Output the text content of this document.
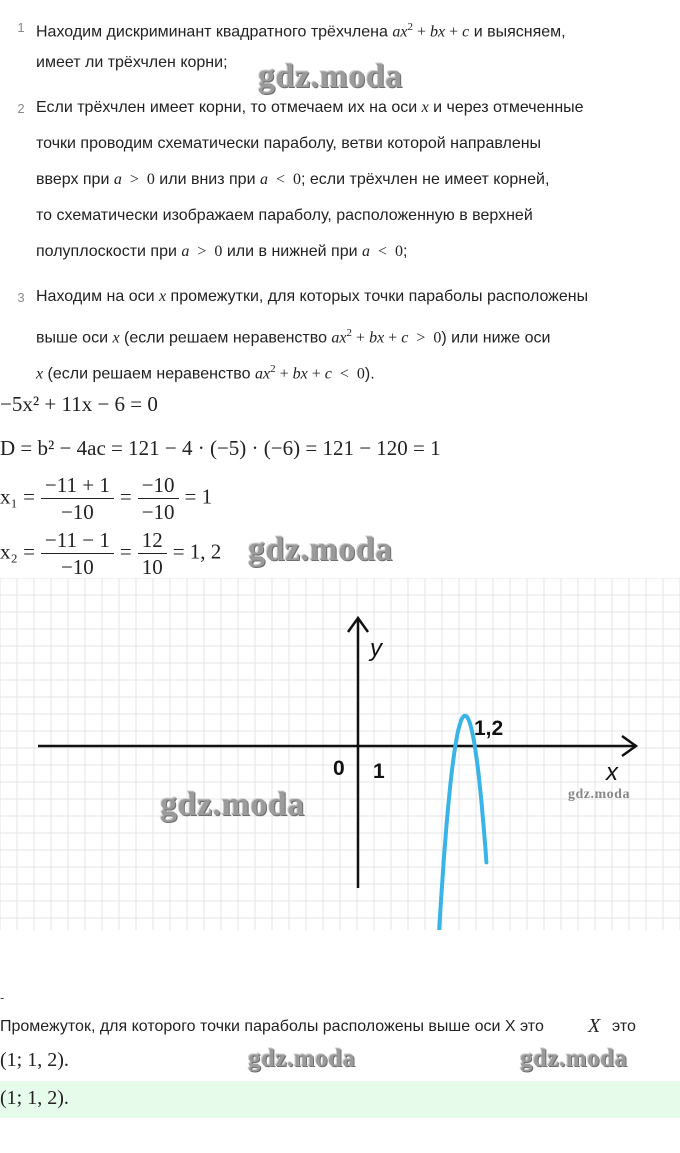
1 Находим дискриминант квадратного трёхчлена $ax^2$ + bx + c и выясняем,
имеет ли трёхчлен корни;
2 Если трёхчлен имеет корни, то отмечаем их на оси x и через отмеченные
точки проводим схематически параболу, ветви которой направлены
вверх при a  >  0 или вниз при a  <  0; если трёхчлен не имеет корней,
то схематически изображаем параболу, расположенную в верхней
полуплоскости при a  >  0 или в нижней при a  <  0;
3 Находим на оси x промежутки, для которых точки параболы расположены
выше оси x (если решаем неравенство $ax^2$ + bx + c  >  0) или ниже оси
x (если решаем неравенство $ax^2$ + bx + c  <  0).
−5x² + 11x − 6 = 0
D = b² − 4ac = 121 − 4 · (−5) · (−6) = 121 − 120 = 1
$x_1 = \frac{-11 + 1}{-10} = \frac{-10}{-10} = 1$
$x_2 = \frac{-11 - 1}{-10} = \frac{12}{10} = 1$, 2
y
x
0 1
1,2
-
Промежуток, для которого точки параболы расположены выше оси X это X это
(1; 1, 2).
(1; 1, 2).
gdz.moda
gdz.moda
gdz.moda	gdz.moda
gdz.moda	gdz.moda
